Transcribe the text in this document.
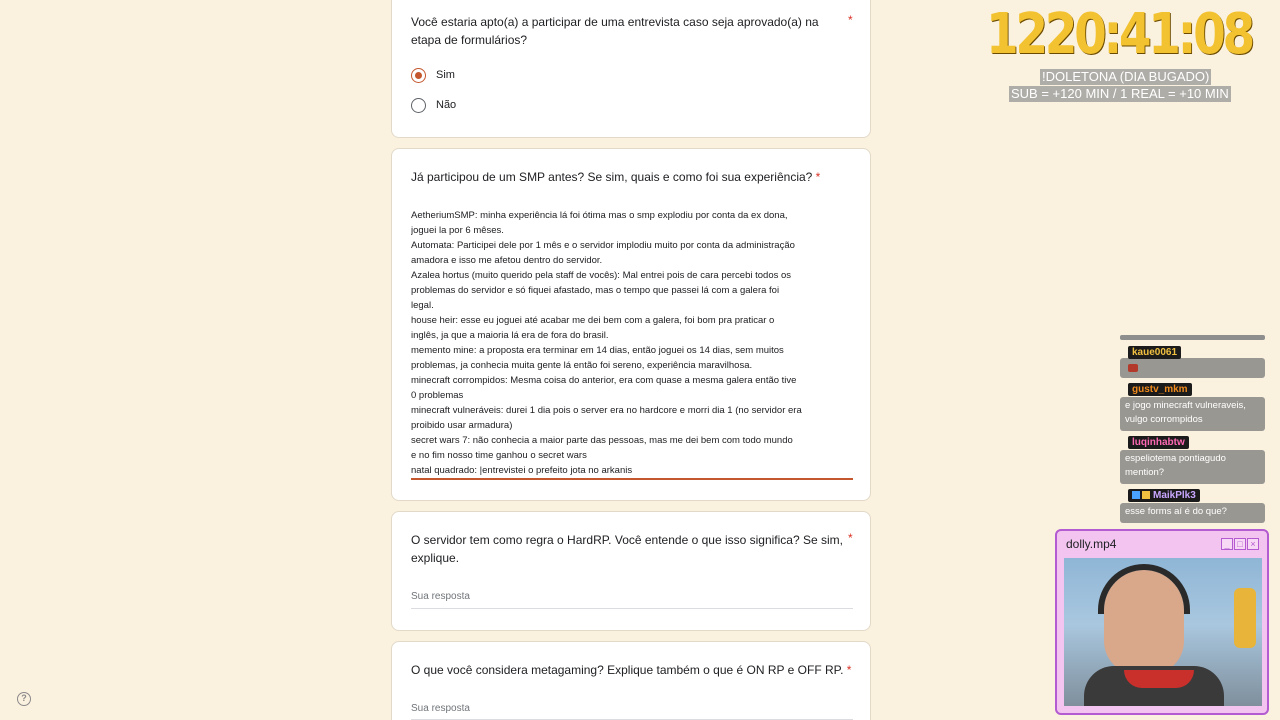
Você estaria apto(a) a participar de uma entrevista caso seja aprovado(a) na
etapa de formulários?
*
Sim
Não
Já participou de um SMP antes? Se sim, quais e como foi sua experiência? *
AetheriumSMP: minha experiência lá foi ótima mas o smp explodiu por conta da ex dona,
joguei la por 6 mêses.
Automata: Participei dele por 1 mês e o servidor implodiu muito por conta da administração
amadora e isso me afetou dentro do servidor.
Azalea hortus (muito querido pela staff de vocês): Mal entrei pois de cara percebi todos os
problemas do servidor e só fiquei afastado, mas o tempo que passei lá com a galera foi
legal.
house heir: esse eu joguei até acabar me dei bem com a galera, foi bom pra praticar o
inglês, ja que a maioria lá era de fora do brasil.
memento mine: a proposta era terminar em 14 dias, então joguei os 14 dias, sem muitos
problemas, ja conhecia muita gente lá então foi sereno, experiência maravilhosa.
minecraft corrompidos: Mesma coisa do anterior, era com quase a mesma galera então tive
0 problemas
minecraft vulneráveis: durei 1 dia pois o server era no hardcore e morri dia 1 (no servidor era
proibido usar armadura)
secret wars 7: não conhecia a maior parte das pessoas, mas me dei bem com todo mundo
e no fim nosso time ganhou o secret wars
natal quadrado: |entrevistei o prefeito jota no arkanis
O servidor tem como regra o HardRP. Você entende o que isso significa? Se sim,
explique.
*
Sua resposta
O que você considera metagaming? Explique também o que é ON RP e OFF RP. *
Sua resposta
?
1220:41:08
!DOLETONA (DIA BUGADO)
SUB = +120 MIN / 1 REAL = +10 MIN
kaue0061
gustv_mkm
e jogo minecraft vulneraveis,
vulgo corrompidos
luqinhabtw
espeliotema pontiagudo
mention?
MaikPlk3
esse forms aí é do que?
dolly.mp4	_ □ ×
